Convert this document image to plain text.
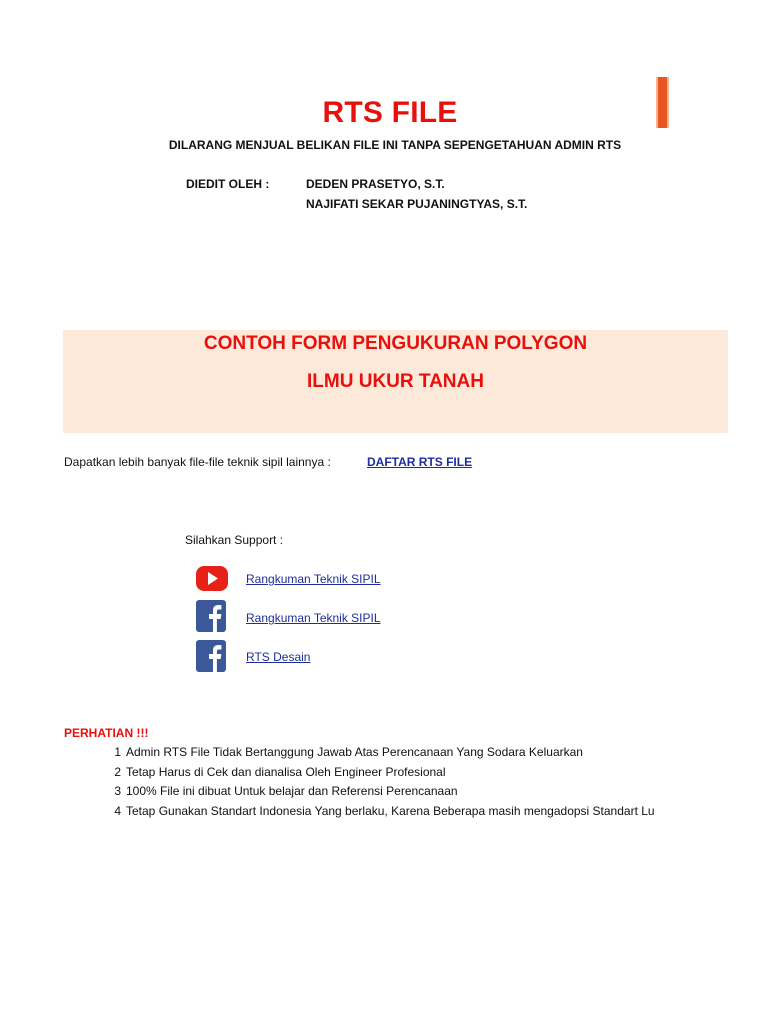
RTS FILE
DILARANG MENJUAL BELIKAN FILE INI TANPA SEPENGETAHUAN ADMIN RTS
DIEDIT OLEH :	DEDEN PRASETYO, S.T.
NAJIFATI SEKAR PUJANINGTYAS, S.T.
CONTOH FORM PENGUKURAN POLYGON
ILMU UKUR TANAH
Dapatkan lebih banyak file-file teknik sipil lainnya :	DAFTAR RTS FILE
Silahkan Support :
Rangkuman Teknik SIPIL
Rangkuman Teknik SIPIL
RTS Desain
PERHATIAN !!!
1 Admin RTS File Tidak Bertanggung Jawab Atas Perencanaan Yang Sodara Keluarkan
2 Tetap Harus di Cek dan dianalisa Oleh Engineer Profesional
3 100% File ini dibuat Untuk belajar dan Referensi Perencanaan
4 Tetap Gunakan Standart Indonesia Yang berlaku, Karena Beberapa masih mengadopsi Standart Lu
